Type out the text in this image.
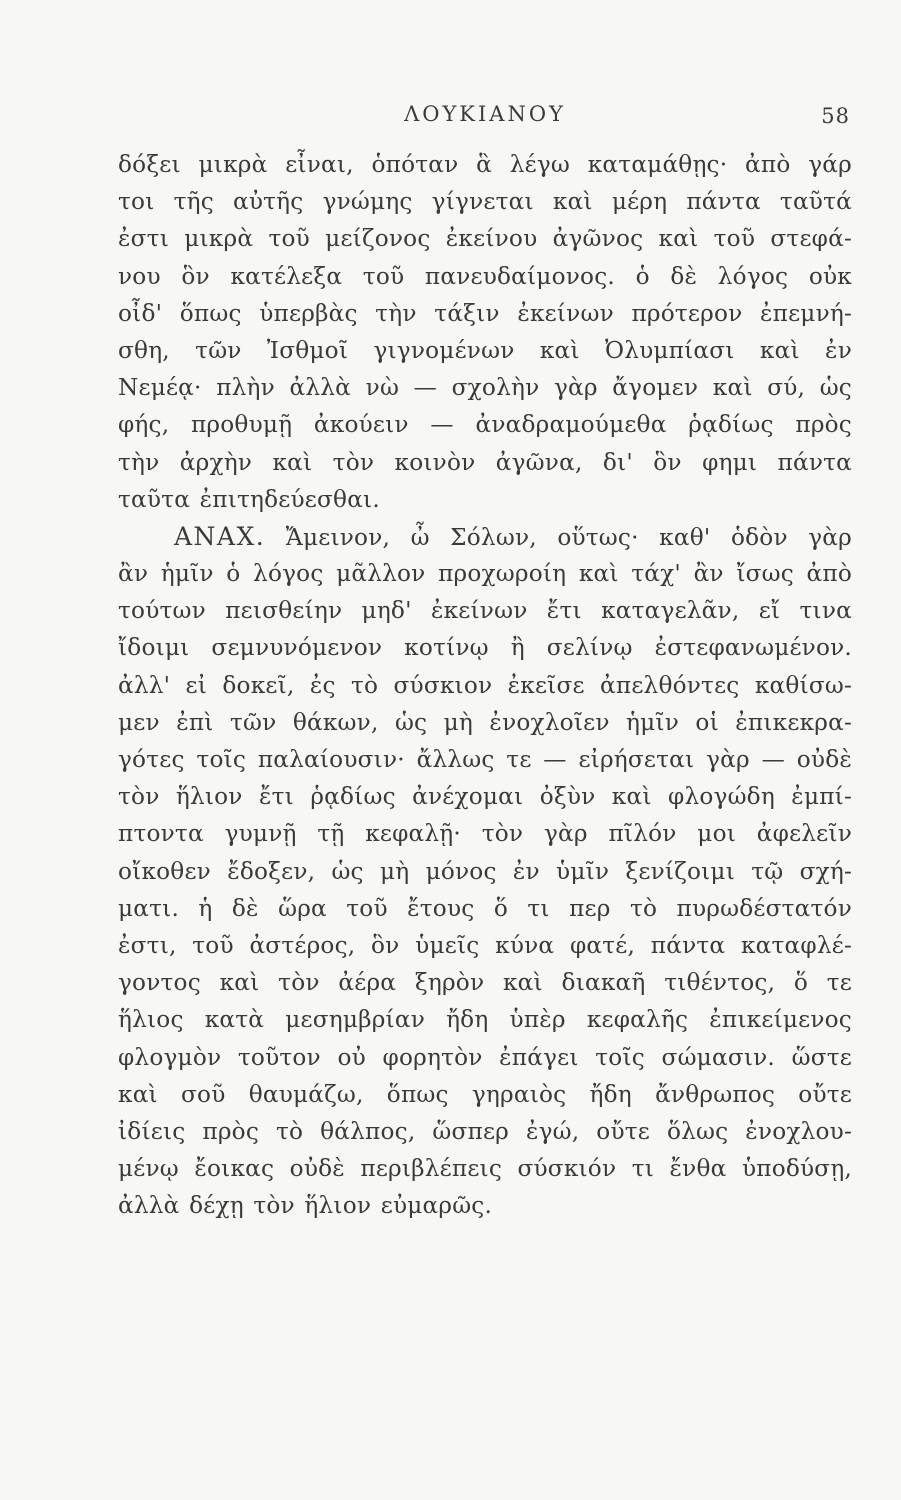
ΛΟΥΚΙΑΝΟΥ	58
δόξει μικρὰ εἶναι, ὁπόταν ἃ λέγω καταμάθῃς· ἀπὸ γάρ
τοι τῆς αὐτῆς γνώμης γίγνεται καὶ μέρη πάντα ταῦτά
ἐστι μικρὰ τοῦ μείζονος ἐκείνου ἀγῶνος καὶ τοῦ στεφά-
νου ὃν κατέλεξα τοῦ πανευδαίμονος. ὁ δὲ λόγος οὐκ
οἶδ' ὅπως ὑπερβὰς τὴν τάξιν ἐκείνων πρότερον ἐπεμνή-
σθη, τῶν Ἰσθμοῖ γιγνομένων καὶ Ὀλυμπίασι καὶ ἐν
Νεμέᾳ· πλὴν ἀλλὰ νὼ — σχολὴν γὰρ ἄγομεν καὶ σύ, ὡς
φής, προθυμῇ ἀκούειν — ἀναδραμούμεθα ῥᾳδίως πρὸς
τὴν ἀρχὴν καὶ τὸν κοινὸν ἀγῶνα, δι' ὃν φημι πάντα
ταῦτα ἐπιτηδεύεσθαι.
ΑΝΑΧ. Ἄμεινον, ὦ Σόλων, οὕτως· καθ' ὁδὸν γὰρ
ἂν ἡμῖν ὁ λόγος μᾶλλον προχωροίη καὶ τάχ' ἂν ἴσως ἀπὸ
τούτων πεισθείην μηδ' ἐκείνων ἔτι καταγελᾶν, εἴ τινα
ἴδοιμι σεμνυνόμενον κοτίνῳ ἢ σελίνῳ ἐστεφανωμένον.
ἀλλ' εἰ δοκεῖ, ἐς τὸ σύσκιον ἐκεῖσε ἀπελθόντες καθίσω-
μεν ἐπὶ τῶν θάκων, ὡς μὴ ἐνοχλοῖεν ἡμῖν οἱ ἐπικεκρα-
γότες τοῖς παλαίουσιν· ἄλλως τε — εἰρήσεται γὰρ — οὐδὲ
τὸν ἥλιον ἔτι ῥᾳδίως ἀνέχομαι ὀξὺν καὶ φλογώδη ἐμπί-
πτοντα γυμνῇ τῇ κεφαλῇ· τὸν γὰρ πῖλόν μοι ἀφελεῖν
οἴκοθεν ἔδοξεν, ὡς μὴ μόνος ἐν ὑμῖν ξενίζοιμι τῷ σχή-
ματι. ἡ δὲ ὥρα τοῦ ἔτους ὅ τι περ τὸ πυρωδέστατόν
ἐστι, τοῦ ἀστέρος, ὃν ὑμεῖς κύνα φατέ, πάντα καταφλέ-
γοντος καὶ τὸν ἀέρα ξηρὸν καὶ διακαῆ τιθέντος, ὅ τε
ἥλιος κατὰ μεσημβρίαν ἤδη ὑπὲρ κεφαλῆς ἐπικείμενος
φλογμὸν τοῦτον οὐ φορητὸν ἐπάγει τοῖς σώμασιν. ὥστε
καὶ σοῦ θαυμάζω, ὅπως γηραιὸς ἤδη ἄνθρωπος οὔτε
ἰδίεις πρὸς τὸ θάλπος, ὥσπερ ἐγώ, οὔτε ὅλως ἐνοχλου-
μένῳ ἔοικας οὐδὲ περιβλέπεις σύσκιόν τι ἔνθα ὑποδύσῃ,
ἀλλὰ δέχῃ τὸν ἥλιον εὐμαρῶς.
